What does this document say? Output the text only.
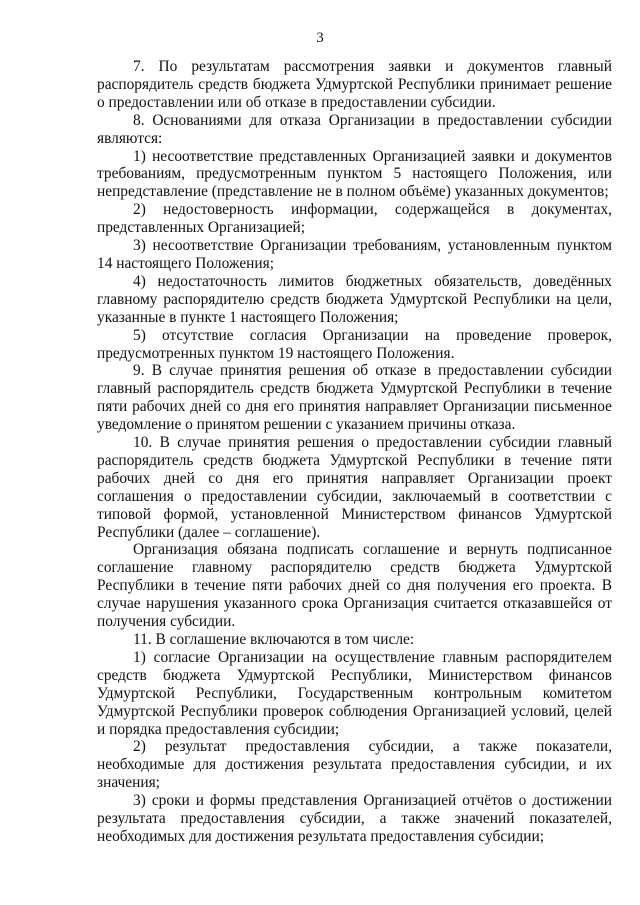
3

7. По результатам рассмотрения заявки и документов главный распорядитель средств бюджета Удмуртской Республики принимает решение о предоставлении или об отказе в предоставлении субсидии.

8. Основаниями для отказа Организации в предоставлении субсидии являются:

1) несоответствие представленных Организацией заявки и документов требованиям, предусмотренным пунктом 5 настоящего Положения, или непредставление (представление не в полном объёме) указанных документов;

2) недостоверность информации, содержащейся в документах, представленных Организацией;

3) несоответствие Организации требованиям, установленным пунктом 14 настоящего Положения;

4) недостаточность лимитов бюджетных обязательств, доведённых главному распорядителю средств бюджета Удмуртской Республики на цели, указанные в пункте 1 настоящего Положения;

5) отсутствие согласия Организации на проведение проверок, предусмотренных пунктом 19 настоящего Положения.

9. В случае принятия решения об отказе в предоставлении субсидии главный распорядитель средств бюджета Удмуртской Республики в течение пяти рабочих дней со дня его принятия направляет Организации письменное уведомление о принятом решении с указанием причины отказа.

10. В случае принятия решения о предоставлении субсидии главный распорядитель средств бюджета Удмуртской Республики в течение пяти рабочих дней со дня его принятия направляет Организации проект соглашения о предоставлении субсидии, заключаемый в соответствии с типовой формой, установленной Министерством финансов Удмуртской Республики (далее – соглашение).

Организация обязана подписать соглашение и вернуть подписанное соглашение главному распорядителю средств бюджета Удмуртской Республики в течение пяти рабочих дней со дня получения его проекта. В случае нарушения указанного срока Организация считается отказавшейся от получения субсидии.

11. В соглашение включаются в том числе:

1) согласие Организации на осуществление главным распорядителем средств бюджета Удмуртской Республики, Министерством финансов Удмуртской Республики, Государственным контрольным комитетом Удмуртской Республики проверок соблюдения Организацией условий, целей и порядка предоставления субсидии;

2) результат предоставления субсидии, а также показатели, необходимые для достижения результата предоставления субсидии, и их значения;

3) сроки и формы представления Организацией отчётов о достижении результата предоставления субсидии, а также значений показателей, необходимых для достижения результата предоставления субсидии;
